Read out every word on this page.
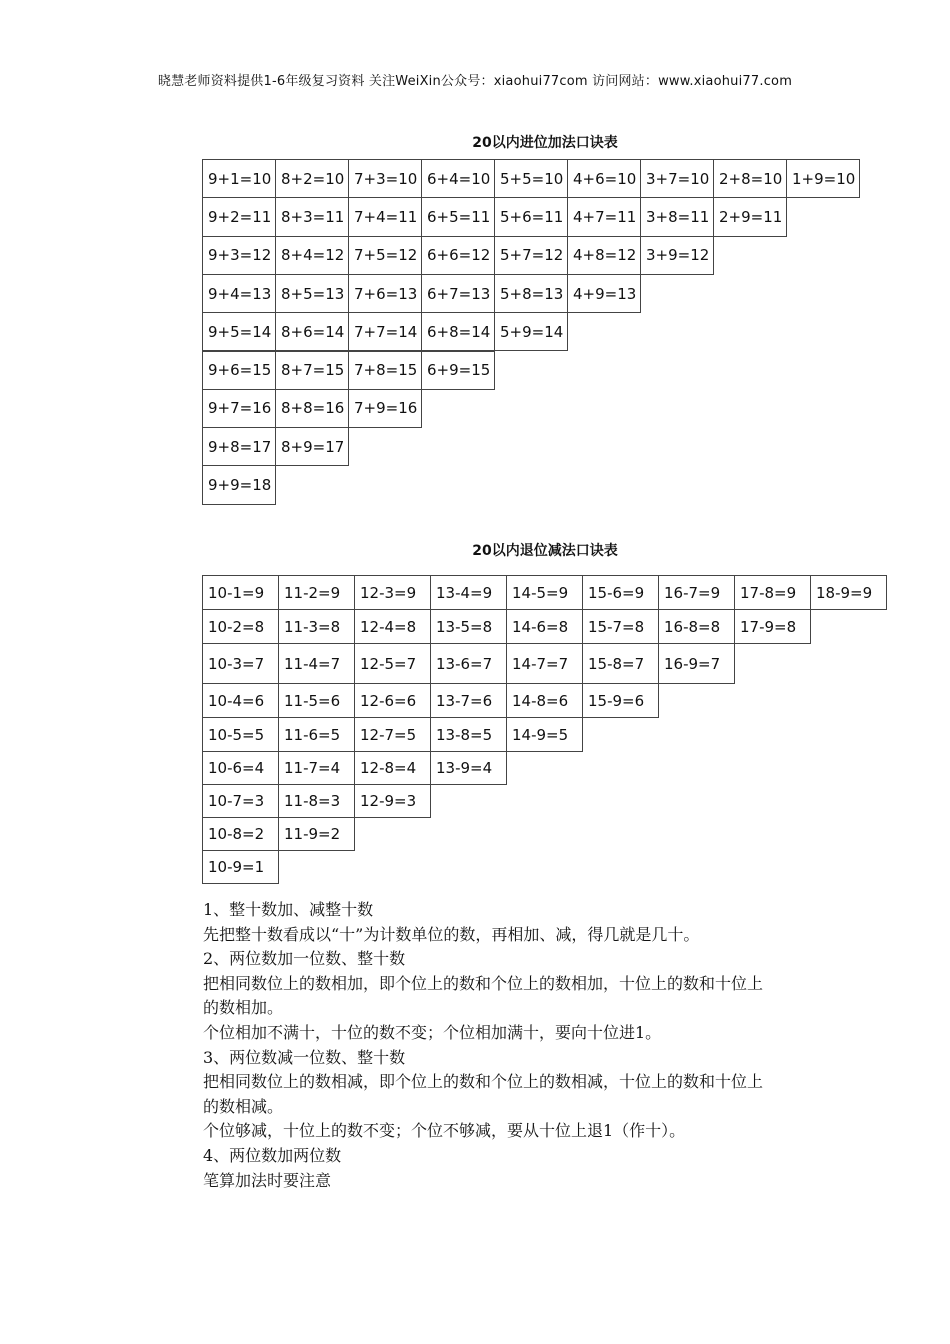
晓慧老师资料提供1-6年级复习资料 关注WeiXin公众号：xiaohui77com 访问网站：www.xiaohui77.com
20以内进位加法口诀表
20以内退位减法口诀表

1、整十数加、减整十数

先把整十数看成以“十”为计数单位的数，再相加、减，得几就是几十。

2、两位数加一位数、整十数

把相同数位上的数相加，即个位上的数和个位上的数相加，十位上的数和十位上的数相加。

个位相加不满十，十位的数不变；个位相加满十，要向十位进1。

3、两位数减一位数、整十数

把相同数位上的数相减，即个位上的数和个位上的数相减，十位上的数和十位上的数相减。

个位够减，十位上的数不变；个位不够减，要从十位上退1（作十）。

4、两位数加两位数

笔算加法时要注意

9+1=10
9+2=11
9+3=12
9+4=13
9+5=14
9+6=15
9+7=16
9+8=17
9+9=18
8+2=10
8+3=11
8+4=12
8+5=13
8+6=14
8+7=15
8+8=16
8+9=17
7+3=10
7+4=11
7+5=12
7+6=13
7+7=14
7+8=15
7+9=16
6+4=10
6+5=11
6+6=12
6+7=13
6+8=14
6+9=15
5+5=10
5+6=11
5+7=12
5+8=13
5+9=14
4+6=10
4+7=11
4+8=12
4+9=13
3+7=10
3+8=11
3+9=12
2+8=10
2+9=11
1+9=10
10-1=9
10-2=8
10-3=7
10-4=6
10-5=5
10-6=4
10-7=3
10-8=2
10-9=1
11-2=9
11-3=8
11-4=7
11-5=6
11-6=5
11-7=4
11-8=3
11-9=2
12-3=9
12-4=8
12-5=7
12-6=6
12-7=5
12-8=4
12-9=3
13-4=9
13-5=8
13-6=7
13-7=6
13-8=5
13-9=4
14-5=9
14-6=8
14-7=7
14-8=6
14-9=5
15-6=9
15-7=8
15-8=7
15-9=6
16-7=9
16-8=8
16-9=7
17-8=9
17-9=8
18-9=9
